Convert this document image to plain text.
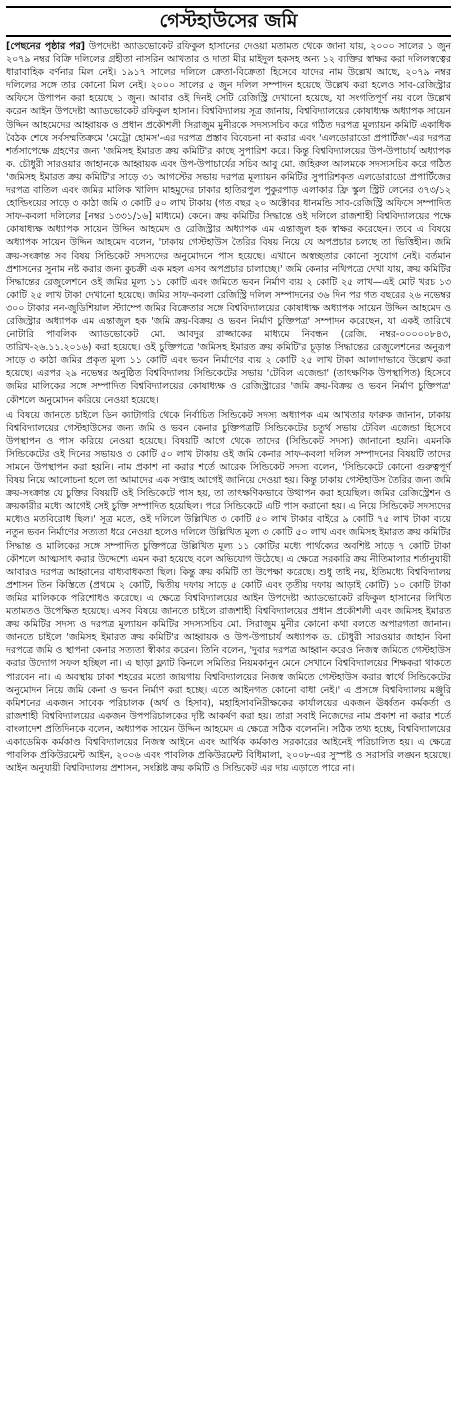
গেস্টহাউসের জমি

[পেছনের পৃষ্ঠার পর] উপদেষ্টা অ্যাডভোকেট রফিকুল হাসানের দেওয়া মতামত থেকে জানা যায়, ২০০০ সালের ১ জুন ২০৭৯ নম্বর বিক্রি দলিলের গ্রহীতা নাসরিন আখতার ও দাতা মীর মাইদুল হকসহ অন্য ১২ ব্যক্তির স্বাক্ষর করা দলিলস্বত্বের ধারাবাহিক বর্ণনার মিল নেই। ১৯১৭ সালের দলিলে ক্রেতা-বিক্রেতা হিসেবে যাদের নাম উল্লেখ আছে, ২০৭৯ নম্বর দলিলের সঙ্গে তার কোনো মিল নেই। ২০০০ সালের ৫ জুন দলিল সম্পাদন হয়েছে উল্লেখ করা হলেও সাব-রেজিস্ট্রার অফিসে উপাপন করা হয়েছে ১ জুন। আবার ওই দিনই সেটি রেজিস্ট্রি দেখানো হয়েছে, যা সংগতিপূর্ণ নয় বলে উল্লেখ করেন আইন উপদেষ্টা অ্যাডভোকেট রফিকুল হাসান। বিশ্ববিদ্যালয় সূত্র জানায়, বিশ্ববিদ্যালয়ের কোষাধ্যক্ষ অধ্যাপক সায়েন উদ্দিন আহমেদের আহ্বায়ক ও প্রধান প্রকৌশলী সিরাজুম মুনীরকে সদস্যসচিব করে গঠিত দরপত্র মূল্যায়ন কমিটি একাধিক বৈঠক শেষে সর্বসম্মতিক্রমে 'মেট্রো হোমস'-এর দরপত্র প্রস্তাব বিবেচনা না করার এবং 'এলডোরাডো প্রপার্টিজ'-এর দরপত্র শর্তসাপেক্ষে গ্রহণের জন্য 'জমিসহ ইমারত ক্রয় কমিটি'র কাছে সুপারিশ করে। কিন্তু বিশ্ববিদ্যালয়ের উপ-উপাচার্য অধ্যাপক ক. চৌধুরী সারওয়ার জাহানকে আহ্বায়ক এবং উপ-উপাচার্যের সচিব আবু মো. জহিরুল আলমকে সদস্যসচিব করে গঠিত 'জমিসহ ইমারত ক্রয় কমিটি'র সাড়ে ৩১ আগস্টের সভায় দরপত্র মূল্যায়ন কমিটির সুপারিশকৃত এলডোরাডো প্রপার্টিজের দরপত্র বাতিল এবং জমির মালিক খালিদ মাহমুদের ঢাকার হাতিরপুল পুকুরপাড় এলাকার ফ্রি স্কুল স্ট্রিট লেনের ৩৭৩/১২ হোল্ডিংয়ের সাড়ে ৩ কাঠা জমি ৩ কোটি ৫০ লাখ টাকায় (গত বছর ২০ অক্টোবর ধানমন্ডি সাব-রেজিস্ট্রি অফিসে সম্পাদিত সাফ-কবলা দলিলের [নম্বর ১৩৩১/১৬] মাধ্যমে) কেনে। ক্রয় কমিটির সিদ্ধান্তে ওই দলিলে রাজশাহী বিশ্ববিদ্যালয়ের পক্ষে কোষাধ্যক্ষ অধ্যাপক সায়েন উদ্দিন আহমেদ ও রেজিস্ট্রার অধ্যাপক এম এন্তাজুল হক স্বাক্ষর করেছেন। তবে এ বিষয়ে অধ্যাপক সায়েন উদ্দিন আহমেদ বলেন, 'ঢাকায় গেস্টহাউস তৈরির বিষয় নিয়ে যে অপপ্রচার চলছে তা ভিত্তিহীন। জমি ক্রয়-সংক্রান্ত সব বিষয় সিন্ডিকেট সদস্যদের অনুমোদনে পাস হয়েছে। এখানে অস্বচ্ছতার কোনো সুযোগ নেই। বর্তমান প্রশাসনের সুনাম নষ্ট করার জন্য কুচক্রী এক মহল এসব অপপ্রচার চালাচ্ছে।' জমি কেনার নথিপত্রে দেখা যায়, ক্রয় কমিটির সিদ্ধান্তের রেজুলেশনে ওই জমির মূল্য ১১ কোটি এবং জমিতে ভবন নির্মাণ ব্যয় ২ কোটি ২৫ লাখ—এই মোট খরচ ১৩ কোটি ২৫ লাখ টাকা দেখানো হয়েছে। জমির সাফ-কবলা রেজিস্ট্রি দলিল সম্পাদনের ৩৬ দিন পর গত বছরের ২৬ নভেম্বর ৩০০ টাকার নন-জুডিশিয়াল স্ট্যাম্পে জমির বিক্রেতার সঙ্গে বিশ্ববিদ্যালয়ের কোষাধ্যক্ষ অধ্যাপক সায়েন উদ্দিন আহমেদ ও রেজিস্ট্রার অধ্যাপক এম এন্তাজুল হক 'জমি ক্রয়-বিক্রয় ও ভবন নির্মাণ চুক্তিপত্র' সম্পাদন করেছেন, যা একই তারিখে নোটারি পাবলিক অ্যাডভোকেট মো. আবদুর রাজ্জাকের মাধ্যমে নিবন্ধন (রেজি. নম্বর-০০০০০৮৪৩, তারিখ-২৬.১১.২০১৬) করা হয়েছে। ওই চুক্তিপত্রে 'জমিসহ ইমারত ক্রয় কমিটি'র চূড়ান্ত সিদ্ধান্তের রেজুলেশনের অনুরূপ সাড়ে ৩ কাঠা জমির প্রকৃত মূল্য ১১ কোটি এবং ভবন নির্মাণের ব্যয় ২ কোটি ২৫ লাখ টাকা আলাদাভাবে উল্লেখ করা হয়েছে। এরপর ২৯ নভেম্বর অনুষ্ঠিত বিশ্ববিদ্যালয় সিন্ডিকেটের সভায় 'টেবিল এজেন্ডা' (তাৎক্ষণিক উপস্থাপিত) হিসেবে জমির মালিকের সঙ্গে সম্পাদিত বিশ্ববিদ্যালয়ের কোষাধ্যক্ষ ও রেজিস্ট্রারের 'জমি ক্রয়-বিক্রয় ও ভবন নির্মাণ চুক্তিপত্র' কৌশলে অনুমোদন করিয়ে নেওয়া হয়েছে।

এ বিষয়ে জানতে চাইলে ডিন ক্যাটাগরি থেকে নির্বাচিত সিন্ডিকেট সদস্য অধ্যাপক এম আখতার ফারুক জানান, ঢাকায় বিশ্ববিদ্যালয়ের গেস্টহাউসের জন্য জমি ও ভবন কেনার চুক্তিপত্রটি সিন্ডিকেটের চতুর্থ সভায় টেবিল এজেন্ডা হিসেবে উপস্থাপন ও পাস করিয়ে নেওয়া হয়েছে। বিষয়টি আগে থেকে তাদের (সিন্ডিকেট সদস্য) জানানো হয়নি। এমনকি সিন্ডিকেটের ওই দিনের সভায়ও ৩ কোটি ৫০ লাখ টাকায় ওই জমি কেনার সাফ-কবলা দলিল সম্পাদনের বিষয়টি তাদের সামনে উপস্থাপন করা হয়নি। নাম প্রকাশ না করার শর্তে আরেক সিন্ডিকেট সদস্য বলেন, 'সিন্ডিকেটে কোনো গুরুত্বপূর্ণ বিষয় নিয়ে আলোচনা হলে তা আমাদের এক সপ্তাহ আগেই জানিয়ে দেওয়া হয়। কিন্তু ঢাকায় গেস্টহাউস তৈরির জন্য জমি ক্রয়-সংক্রান্ত যে চুক্তির বিষয়টি ওই সিন্ডিকেটে পাস হয়, তা তাৎক্ষণিকভাবে উত্থাপন করা হয়েছিল। জমির রেজিস্ট্রেশন ও ক্রয়কারীর মধ্যে আগেই সেই চুক্তি সম্পাদিত হয়েছিল। পরে সিন্ডিকেটে এটি পাস করানো হয়। এ নিয়ে সিন্ডিকেট সদস্যদের মধ্যেও মতবিরোধ ছিল।' সূত্র মতে, ওই দলিলে উল্লিখিত ৩ কোটি ৫০ লাখ টাকার বাইরে ৯ কোটি ৭৫ লাখ টাকা ব্যয়ে নতুন ভবন নির্মাণের সত্যতা ধরে নেওয়া হলেও দলিলে উল্লিখিত মূল্য ৩ কোটি ৫০ লাখ এবং জমিসহ ইমারত ক্রয় কমিটির সিদ্ধান্ত ও মালিকের সঙ্গে সম্পাদিত চুক্তিপত্রে উল্লিখিত মূল্য ১১ কোটির মধ্যে পার্থক্যের অবশিষ্ট সাড়ে ৭ কোটি টাকা কৌশলে আত্মসাৎ করার উদ্দেশ্যে এমন করা হয়েছে বলে অভিযোগ উঠেছে। এ ক্ষেত্রে সরকারি ক্রয় নীতিমালার শর্তানুযায়ী আবারও দরপত্র আহ্বানের বাধ্যবাধকতা ছিল। কিন্তু ক্রয় কমিটি তা উপেক্ষা করেছে। শুধু তাই নয়, ইতিমধ্যে বিশ্ববিদ্যালয় প্রশাসন তিন কিস্তিতে (প্রথমে ২ কোটি, দ্বিতীয় দফায় সাড়ে ৫ কোটি এবং তৃতীয় দফায় আড়াই কোটি) ১০ কোটি টাকা জমির মালিককে পরিশোধও করেছে। এ ক্ষেত্রে বিশ্ববিদ্যালয়ের আইন উপদেষ্টা অ্যাডভোকেট রফিকুল হাসানের লিখিত মতামতও উপেক্ষিত হয়েছে। এসব বিষয়ে জানতে চাইলে রাজশাহী বিশ্ববিদ্যালয়ের প্রধান প্রকৌশলী এবং জমিসহ ইমারত ক্রয় কমিটির সদস্য ও দরপত্র মূল্যায়ন কমিটির সদস্যসচিব মো. সিরাজুম মুনীর কোনো কথা বলতে অপারগতা জানান। জানতে চাইলে 'জমিসহ ইমারত ক্রয় কমিটি'র আহ্বায়ক ও উপ-উপাচার্য অধ্যাপক ড. চৌধুরী সারওয়ার জাহান বিনা দরপত্রে জমি ও স্থাপনা কেনার সত্যতা স্বীকার করেন। তিনি বলেন, 'দুবার দরপত্র আহ্বান করেও নিজস্ব জমিতে গেস্টহাউস করার উদ্যোগ সফল হচ্ছিল না। এ ছাড়া ফ্ল্যাট কিনলে সমিতির নিয়মকানুন মেনে সেখানে বিশ্ববিদ্যালয়ের শিক্ষকরা থাকতে পারবেন না। এ অবস্থায় ঢাকা শহরের মতো জায়গায় বিশ্ববিদ্যালয়ের নিজস্ব জমিতে গেস্টহাউস করার স্বার্থে সিন্ডিকেটের অনুমোদন নিয়ে জমি কেনা ও ভবন নির্মাণ করা হচ্ছে। এতে আইনগত কোনো বাধা নেই।' এ প্রসঙ্গে বিশ্ববিদ্যালয় মঞ্জুরি কমিশনের একজন সাবেক পরিচালক (অর্থ ও হিসাব), মহাহিসাবনিরীক্ষকের কার্যালয়ের একজন ঊর্ধ্বতন কর্মকর্তা ও রাজশাহী বিশ্ববিদ্যালয়ের একজন উপপরিচালকের দৃষ্টি আকর্ষণ করা হয়। তারা সবাই নিজেদের নাম প্রকাশ না করার শর্তে বাংলাদেশ প্রতিদিনকে বলেন, অধ্যাপক সায়েন উদ্দিন আহমেদ এ ক্ষেত্রে সঠিক বলেননি। সঠিক তথ্য হচ্ছে, বিশ্ববিদ্যালয়ের একাডেমিক কর্মকাণ্ড বিশ্ববিদ্যালয়ের নিজস্ব আইনে এবং আর্থিক কর্মকাণ্ড সরকারের আইনেই পরিচালিত হয়। এ ক্ষেত্রে পাবলিক প্রকিউরমেন্ট আইন, ২০০৬ এবং পাবলিক প্রকিউরমেন্ট বিধিমালা, ২০০৮-এর সুস্পষ্ট ও সরাসরি লঙ্ঘন হয়েছে। আইন অনুযায়ী বিশ্ববিদ্যালয় প্রশাসন, সংশ্লিষ্ট ক্রয় কমিটি ও সিন্ডিকেট এর দায় এড়াতে পারে না।
